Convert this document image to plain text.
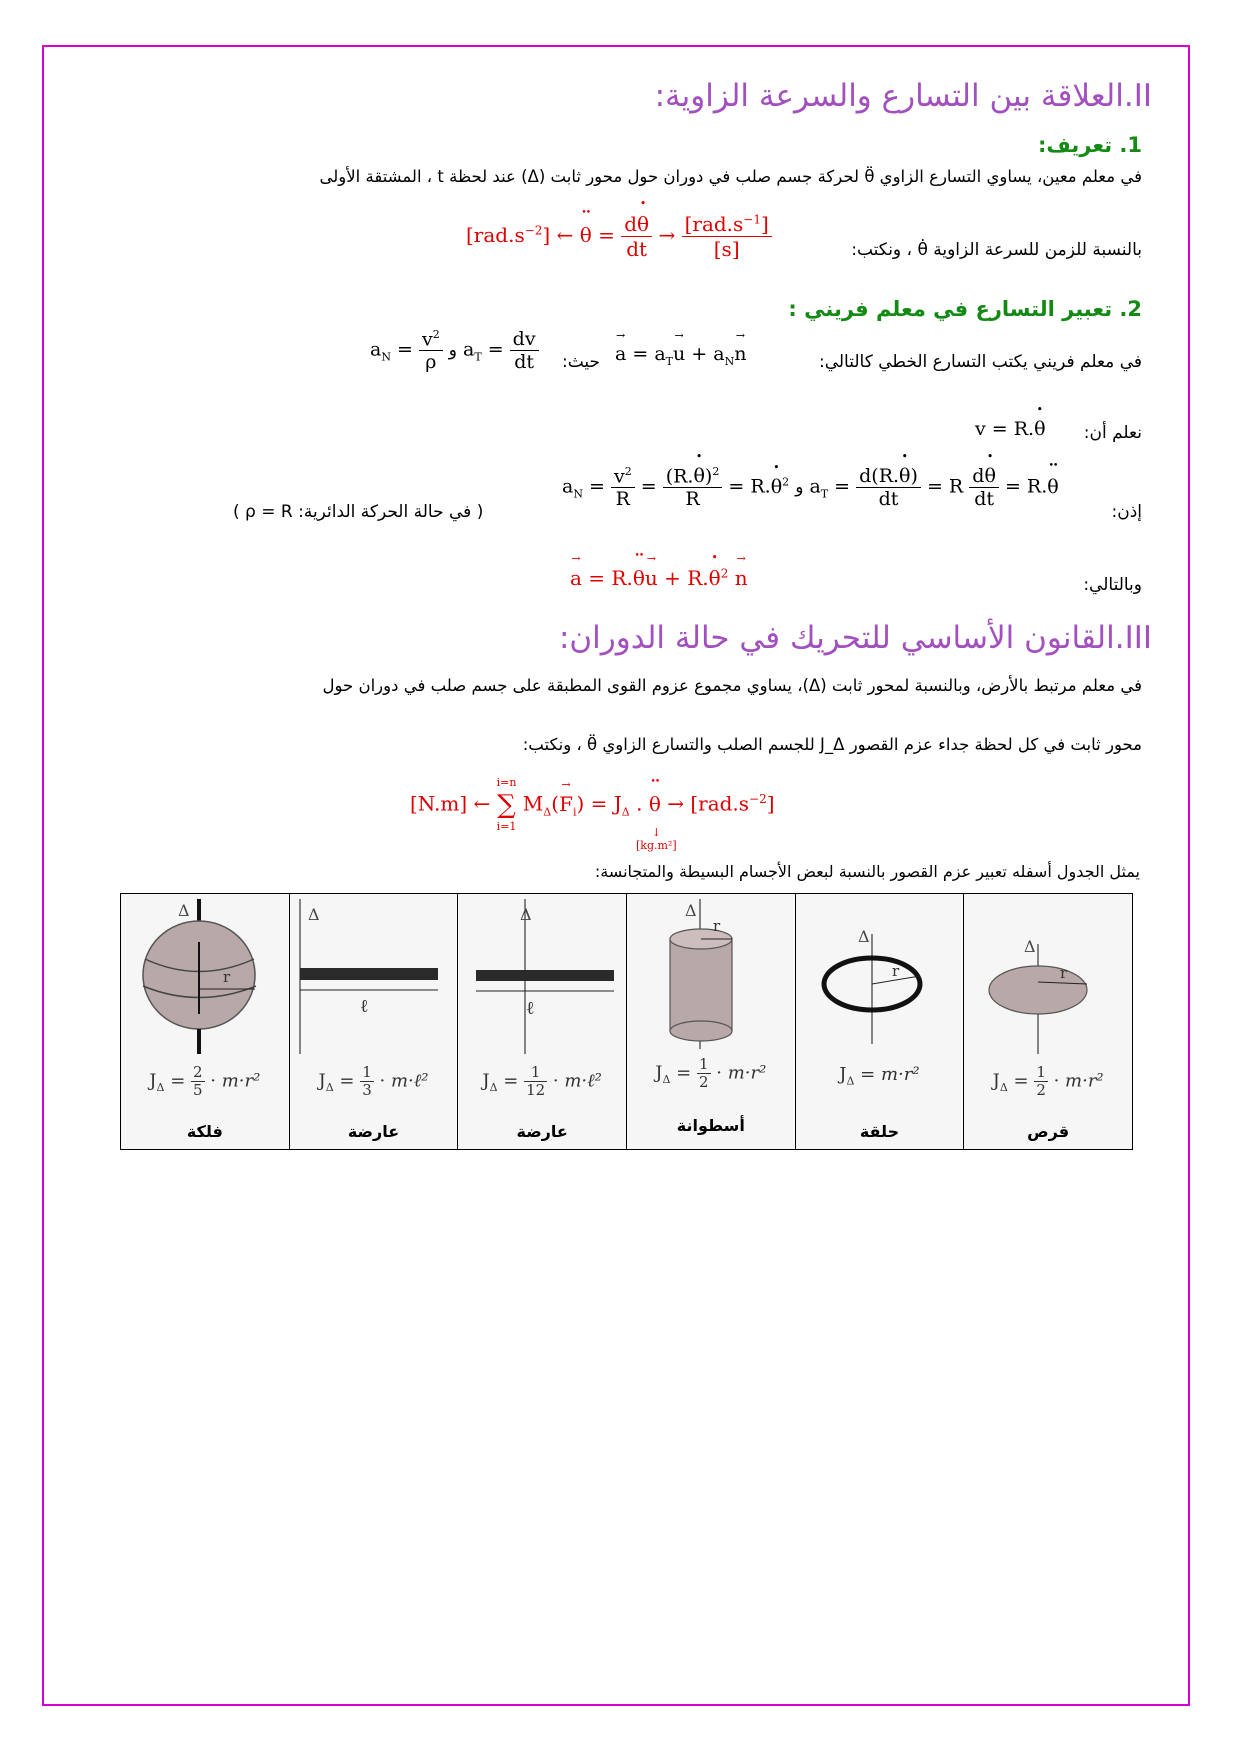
II.العلاقة بين التسارع والسرعة الزاوية:
1. تعريف:
في معلم معين، يساوي التسارع الزاوي θ̈ لحركة جسم صلب في دوران حول محور ثابت (Δ) عند لحظة t ، المشتقة الأولى
بالنسبة للزمن للسرعة الزاوية θ̇ ، ونكتب:
$[rad.s^{-2}]$ ← •• $\theta = \frac{d• \theta}{dt} \to \frac{[rad.s^{-1}]}{[s]}$
2. تعبير التسارع في معلم فريني :
في معلم فريني يكتب التسارع الخطي كالتالي:
→ $a = a_T\to u + a_N\to n$
حيث:
$a_N = \frac{v^2}{\rho}$ و $a_T = \frac{dv}{dt}$
نعلم أن:
v = R.• θ
إذن:
$a_N = \frac{v^2}{R} = \frac{(R.• \theta)^2}{R}$ = R.• $\theta^2$ و $a_T = \frac{d(R.• \theta)}{dt} = R \frac{d• \theta}{dt}$ = R.•• θ
( في حالة الحركة الدائرية: ρ = R )
وبالتالي:
→ a = R.•• θ→ u + R.• $\theta^2 \to n$
III.القانون الأساسي للتحريك في حالة الدوران:
في معلم مرتبط بالأرض، وبالنسبة لمحور ثابت (Δ)، يساوي مجموع عزوم القوى المطبقة على جسم صلب في دوران حول
محور ثابت في كل لحظة جداء عزم القصور J_Δ للجسم الصلب والتسارع الزاوي θ̈ ، ونكتب:
[N.m] ←
i=n
∑
i=1
$M_\Delta(\to F_i) = J_\Delta$ . •• $\theta \to [rad.s^{-2}]$
↓
[kg.m²]
يمثل الجدول أسفله تعبير عزم القصور بالنسبة لبعض الأجسام البسيطة والمتجانسة:
Δ
r
$J_\Delta = \frac{2}{5} \cdot m\cdot r^2$
فلكة

Δ
ℓ
$J_\Delta = \frac{1}{3}$ · m·ℓ²
عارضة

Δ
ℓ
$J_\Delta = \frac{1}{12}$ · m·ℓ²
عارضة

Δ
r
$J_\Delta = \frac{1}{2} \cdot m\cdot r^2$
أسطوانة

Δ
r
$J_\Delta = m\cdot r^2$
حلقة

Δ
r
$J_\Delta = \frac{1}{2} \cdot m\cdot r^2$
قرص
